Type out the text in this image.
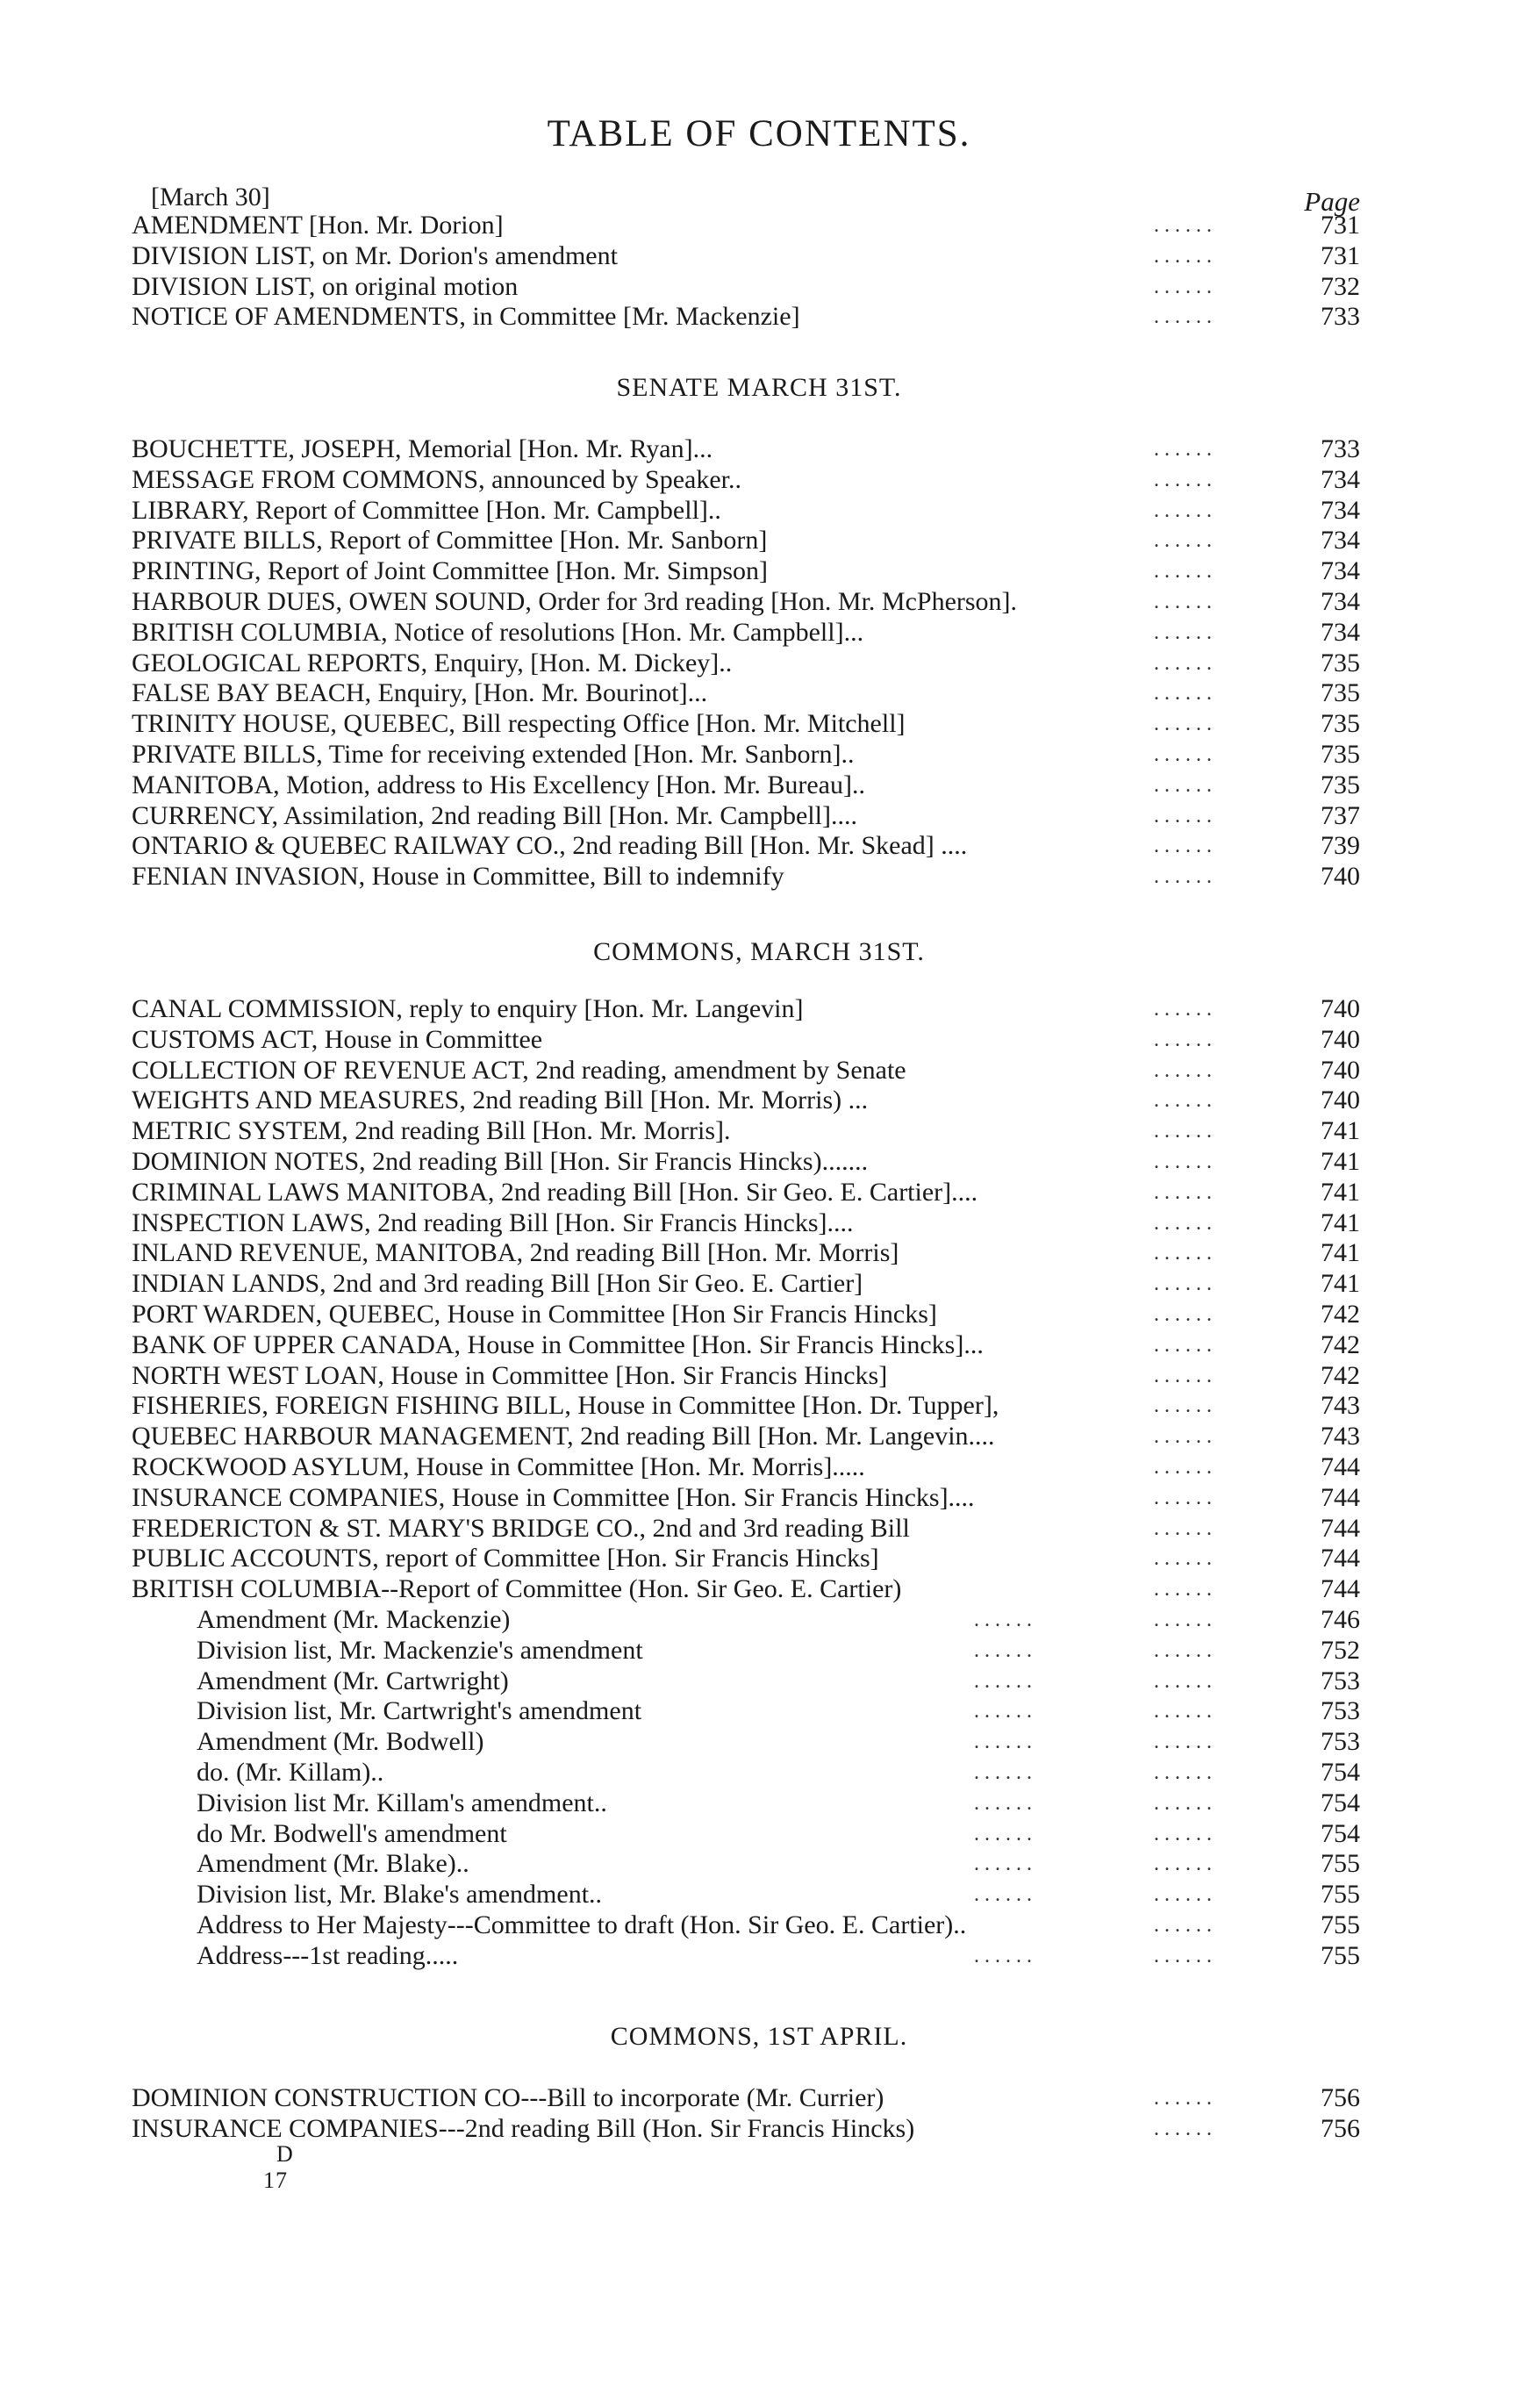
TABLE OF CONTENTS.
[March 30]	Page
AMENDMENT [Hon. Mr. Dorion]	......	731
DIVISION LIST, on Mr. Dorion's amendment	......	731
DIVISION LIST, on original motion	......	732
NOTICE OF AMENDMENTS, in Committee [Mr. Mackenzie]	......	733
SENATE MARCH 31ST.
BOUCHETTE, JOSEPH, Memorial [Hon. Mr. Ryan]...	......	733
MESSAGE FROM COMMONS, announced by Speaker..	......	734
LIBRARY, Report of Committee [Hon. Mr. Campbell]..	......	734
PRIVATE BILLS, Report of Committee [Hon. Mr. Sanborn]	......	734
PRINTING, Report of Joint Committee [Hon. Mr. Simpson]	......	734
HARBOUR DUES, OWEN SOUND, Order for 3rd reading [Hon. Mr. McPherson].	......	734
BRITISH COLUMBIA, Notice of resolutions [Hon. Mr. Campbell]...	......	734
GEOLOGICAL REPORTS, Enquiry, [Hon. M. Dickey]..	......	735
FALSE BAY BEACH, Enquiry, [Hon. Mr. Bourinot]...	......	735
TRINITY HOUSE, QUEBEC, Bill respecting Office [Hon. Mr. Mitchell]	......	735
PRIVATE BILLS, Time for receiving extended [Hon. Mr. Sanborn]..	......	735
MANITOBA, Motion, address to His Excellency [Hon. Mr. Bureau]..	......	735
CURRENCY, Assimilation, 2nd reading Bill [Hon. Mr. Campbell]....	......	737
ONTARIO & QUEBEC RAILWAY CO., 2nd reading Bill [Hon. Mr. Skead] ....	......	739
FENIAN INVASION, House in Committee, Bill to indemnify	......	740
COMMONS, MARCH 31ST.
CANAL COMMISSION, reply to enquiry [Hon. Mr. Langevin]	......	740
CUSTOMS ACT, House in Committee	......	740
COLLECTION OF REVENUE ACT, 2nd reading, amendment by Senate	......	740
WEIGHTS AND MEASURES, 2nd reading Bill [Hon. Mr. Morris) ...	......	740
METRIC SYSTEM, 2nd reading Bill [Hon. Mr. Morris].	......	741
DOMINION NOTES, 2nd reading Bill [Hon. Sir Francis Hincks).......	......	741
CRIMINAL LAWS MANITOBA, 2nd reading Bill [Hon. Sir Geo. E. Cartier]....	......	741
INSPECTION LAWS, 2nd reading Bill [Hon. Sir Francis Hincks]....	......	741
INLAND REVENUE, MANITOBA, 2nd reading Bill [Hon. Mr. Morris]	......	741
INDIAN LANDS, 2nd and 3rd reading Bill [Hon Sir Geo. E. Cartier]	......	741
PORT WARDEN, QUEBEC, House in Committee [Hon Sir Francis Hincks]	......	742
BANK OF UPPER CANADA, House in Committee [Hon. Sir Francis Hincks]...	......	742
NORTH WEST LOAN, House in Committee [Hon. Sir Francis Hincks]	......	742
FISHERIES, FOREIGN FISHING BILL, House in Committee [Hon. Dr. Tupper],	......	743
QUEBEC HARBOUR MANAGEMENT, 2nd reading Bill [Hon. Mr. Langevin....	......	743
ROCKWOOD ASYLUM, House in Committee [Hon. Mr. Morris].....	......	744
INSURANCE COMPANIES, House in Committee [Hon. Sir Francis Hincks]....	......	744
FREDERICTON & ST. MARY'S BRIDGE CO., 2nd and 3rd reading Bill	......	744
PUBLIC ACCOUNTS, report of Committee [Hon. Sir Francis Hincks]	......	744
BRITISH COLUMBIA--Report of Committee (Hon. Sir Geo. E. Cartier)	......	744
Amendment (Mr. Mackenzie)	......	......	746
Division list, Mr. Mackenzie's amendment	......	......	752
Amendment (Mr. Cartwright)	......	......	753
Division list, Mr. Cartwright's amendment	......	......	753
Amendment (Mr. Bodwell)	......	......	753
do. (Mr. Killam)..	......	......	754
Division list Mr. Killam's amendment..	......	......	754
do Mr. Bodwell's amendment	......	......	754
Amendment (Mr. Blake)..	......	......	755
Division list, Mr. Blake's amendment..	......	......	755
Address to Her Majesty---Committee to draft (Hon. Sir Geo. E. Cartier)..	......	755
Address---1st reading.....	......	......	755
COMMONS, 1ST APRIL.
DOMINION CONSTRUCTION CO---Bill to incorporate (Mr. Currier)	......	756
INSURANCE COMPANIES---2nd reading Bill (Hon. Sir Francis Hincks)	......	756
D
17
